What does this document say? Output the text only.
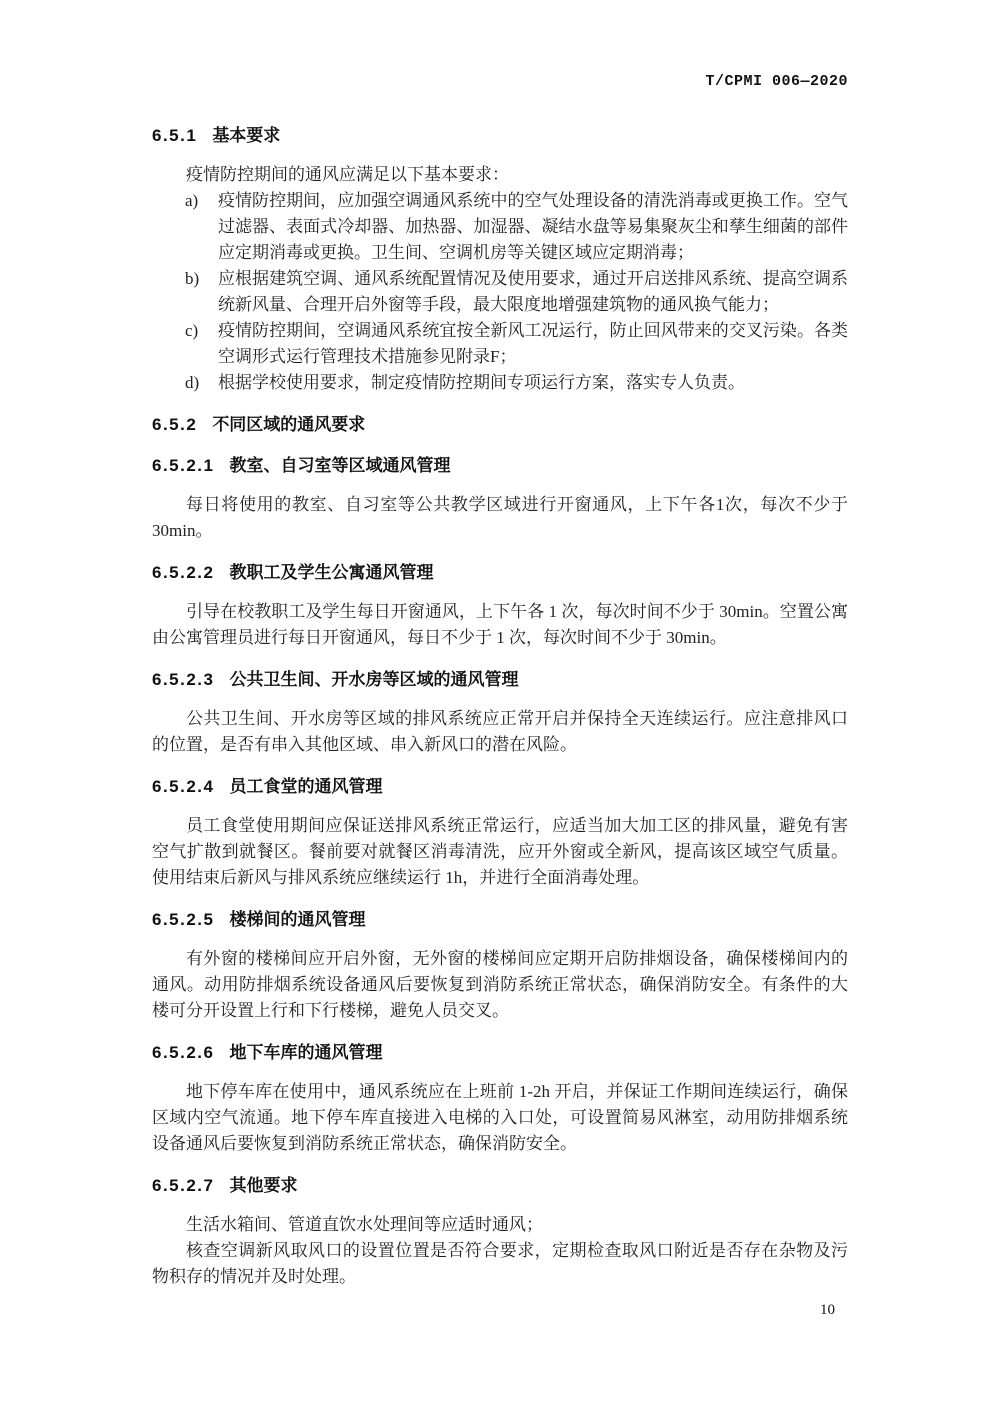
T/CPMI 006—2020
6.5.1 基本要求

疫情防控期间的通风应满足以下基本要求：

a)	疫情防控期间，应加强空调通风系统中的空气处理设备的清洗消毒或更换工作。空气过滤器、表面式冷却器、加热器、加湿器、凝结水盘等易集聚灰尘和孳生细菌的部件应定期消毒或更换。卫生间、空调机房等关键区域应定期消毒；
b)	应根据建筑空调、通风系统配置情况及使用要求，通过开启送排风系统、提高空调系统新风量、合理开启外窗等手段，最大限度地增强建筑物的通风换气能力；
c)	疫情防控期间，空调通风系统宜按全新风工况运行，防止回风带来的交叉污染。各类空调形式运行管理技术措施参见附录F；
d)	根据学校使用要求，制定疫情防控期间专项运行方案，落实专人负责。
6.5.2 不同区域的通风要求
6.5.2.1 教室、自习室等区域通风管理

每日将使用的教室、自习室等公共教学区域进行开窗通风，上下午各1次，每次不少于30min。

6.5.2.2 教职工及学生公寓通风管理

引导在校教职工及学生每日开窗通风，上下午各 1 次，每次时间不少于 30min。空置公寓由公寓管理员进行每日开窗通风，每日不少于 1 次，每次时间不少于 30min。

6.5.2.3 公共卫生间、开水房等区域的通风管理

公共卫生间、开水房等区域的排风系统应正常开启并保持全天连续运行。应注意排风口的位置，是否有串入其他区域、串入新风口的潜在风险。

6.5.2.4 员工食堂的通风管理

员工食堂使用期间应保证送排风系统正常运行，应适当加大加工区的排风量，避免有害空气扩散到就餐区。餐前要对就餐区消毒清洗，应开外窗或全新风，提高该区域空气质量。使用结束后新风与排风系统应继续运行 1h，并进行全面消毒处理。

6.5.2.5 楼梯间的通风管理

有外窗的楼梯间应开启外窗，无外窗的楼梯间应定期开启防排烟设备，确保楼梯间内的通风。动用防排烟系统设备通风后要恢复到消防系统正常状态，确保消防安全。有条件的大楼可分开设置上行和下行楼梯，避免人员交叉。

6.5.2.6 地下车库的通风管理

地下停车库在使用中，通风系统应在上班前 1-2h 开启，并保证工作期间连续运行，确保区域内空气流通。地下停车库直接进入电梯的入口处，可设置简易风淋室，动用防排烟系统设备通风后要恢复到消防系统正常状态，确保消防安全。

6.5.2.7 其他要求

生活水箱间、管道直饮水处理间等应适时通风；

核查空调新风取风口的设置位置是否符合要求，定期检查取风口附近是否存在杂物及污物积存的情况并及时处理。

10
